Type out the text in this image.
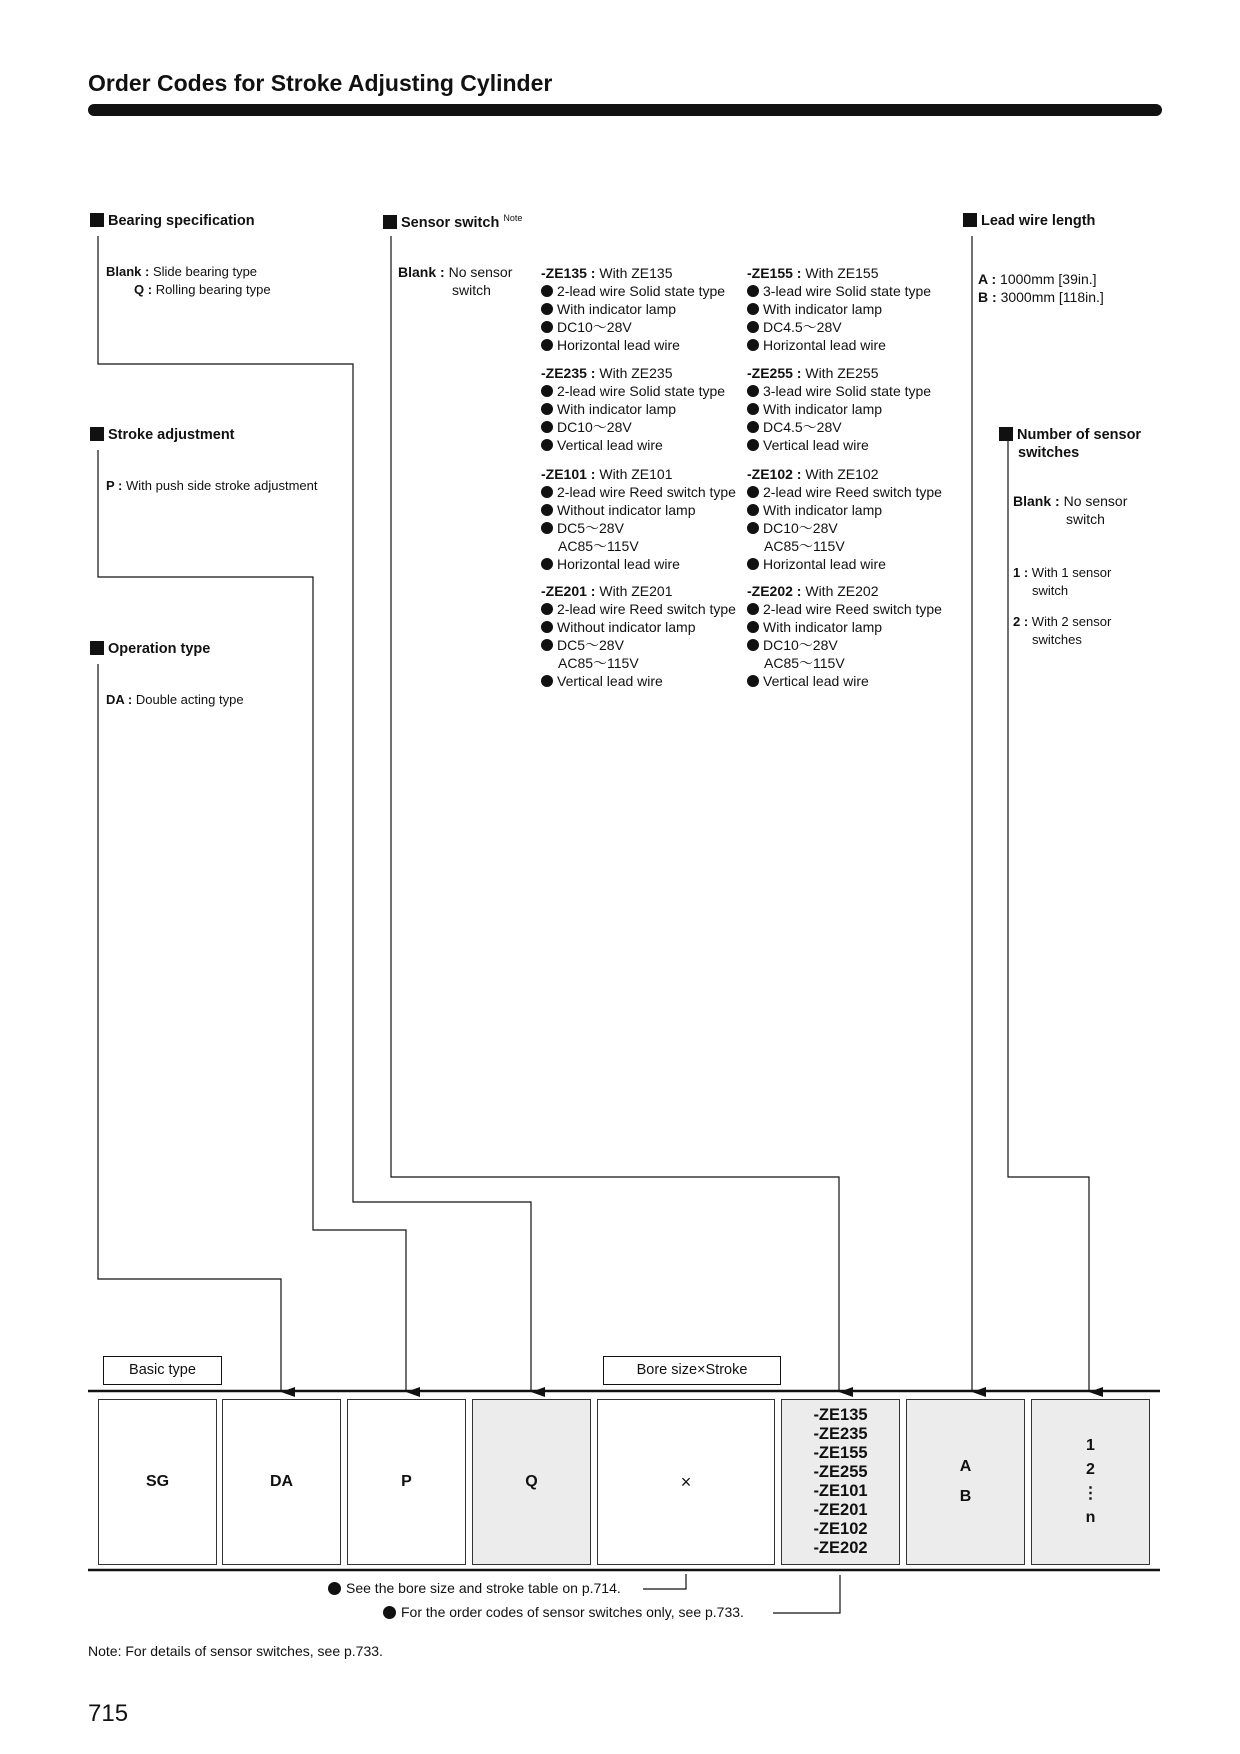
Order Codes for Stroke Adjusting Cylinder
Bearing specification
Blank : Slide bearing type
Q : Rolling bearing type
Stroke adjustment
P : With push side stroke adjustment
Operation type
DA : Double acting type
Sensor switch $^{Note}$
Blank : No sensor
switch
-ZE135 : With ZE135
2-lead wire Solid state type
With indicator lamp
DC10～28V
Horizontal lead wire
-ZE155 : With ZE155
3-lead wire Solid state type
With indicator lamp
DC4.5～28V
Horizontal lead wire
-ZE235 : With ZE235
2-lead wire Solid state type
With indicator lamp
DC10～28V
Vertical lead wire
-ZE255 : With ZE255
3-lead wire Solid state type
With indicator lamp
DC4.5～28V
Vertical lead wire
-ZE101 : With ZE101
2-lead wire Reed switch type
Without indicator lamp
DC5～28V
AC85～115V
Horizontal lead wire
-ZE102 : With ZE102
2-lead wire Reed switch type
With indicator lamp
DC10～28V
AC85～115V
Horizontal lead wire
-ZE201 : With ZE201
2-lead wire Reed switch type
Without indicator lamp
DC5～28V
AC85～115V
Vertical lead wire
-ZE202 : With ZE202
2-lead wire Reed switch type
With indicator lamp
DC10～28V
AC85～115V
Vertical lead wire
Lead wire length
A : 1000mm [39in.]
B : 3000mm [118in.]
Number of sensor
switches
Blank : No sensor
switch
1 : With 1 sensor
switch
2 : With 2 sensor
switches
Basic type	Bore size×Stroke
SG	DA	P	Q	×
-ZE135
-ZE235
-ZE155
-ZE255
-ZE101
-ZE201
-ZE102
-ZE202
A
B
1
2
⋮
n
See the bore size and stroke table on p.714.
For the order codes of sensor switches only, see p.733.
Note: For details of sensor switches, see p.733.
715
